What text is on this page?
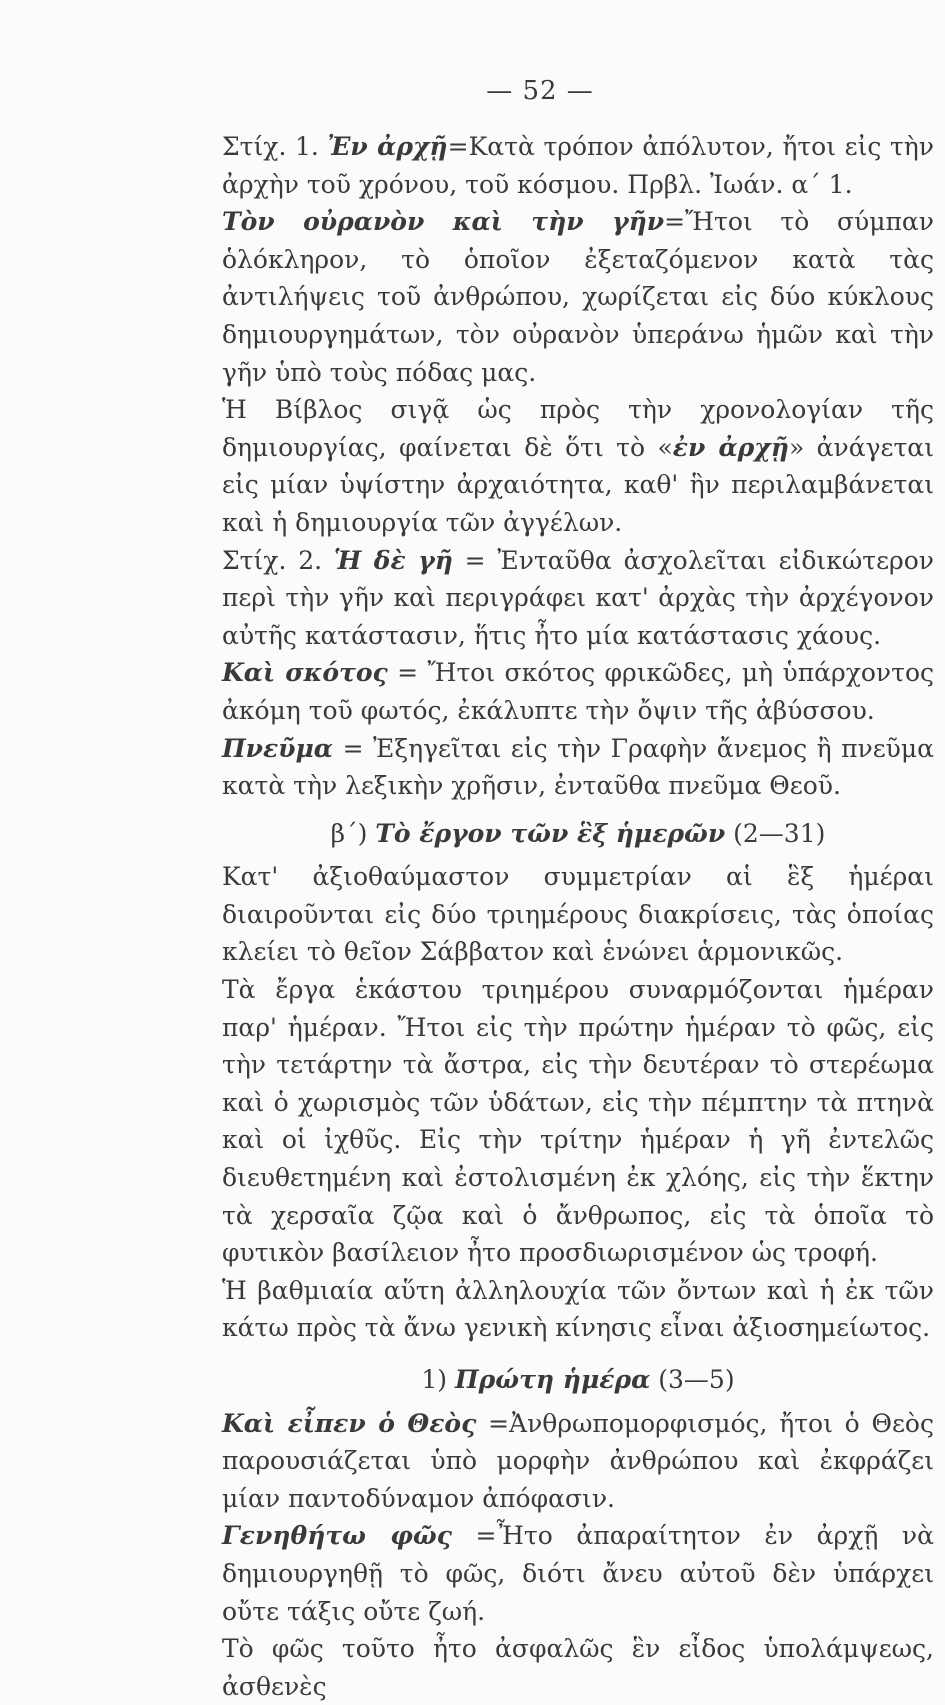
— 52 —

Στίχ. 1. Ἐν ἀρχῇ=Κατὰ τρόπον ἀπόλυτον, ἤτοι εἰς τὴν ἀρχὴν τοῦ χρόνου, τοῦ κόσμου. Πρβλ. Ἰωάν. α΄ 1.

Τὸν οὐρανὸν καὶ τὴν γῆν=Ἤτοι τὸ σύμπαν ὁλόκληρον, τὸ ὁποῖον ἐξεταζόμενον κατὰ τὰς ἀντιλήψεις τοῦ ἀνθρώπου, χωρίζεται εἰς δύο κύκλους δημιουργημάτων, τὸν οὐρανὸν ὑπεράνω ἡμῶν καὶ τὴν γῆν ὑπὸ τοὺς πόδας μας.

Ἡ Βίβλος σιγᾷ ὡς πρὸς τὴν χρονολογίαν τῆς δημιουργίας, φαίνεται δὲ ὅτι τὸ «ἐν ἀρχῇ» ἀνάγεται εἰς μίαν ὑψίστην ἀρχαιότητα, καθ' ἣν περιλαμβάνεται καὶ ἡ δημιουργία τῶν ἀγγέλων.

Στίχ. 2. Ἡ δὲ γῆ = Ἐνταῦθα ἀσχολεῖται εἰδικώτερον περὶ τὴν γῆν καὶ περιγράφει κατ' ἀρχὰς τὴν ἀρχέγονον αὐτῆς κατάστασιν, ἥτις ἦτο μία κατάστασις χάους.

Καὶ σκότος = Ἤτοι σκότος φρικῶδες, μὴ ὑπάρχοντος ἀκόμη τοῦ φωτός, ἐκάλυπτε τὴν ὄψιν τῆς ἀβύσσου.

Πνεῦμα = Ἐξηγεῖται εἰς τὴν Γραφὴν ἄνεμος ἢ πνεῦμα κατὰ τὴν λεξικὴν χρῆσιν, ἐνταῦθα πνεῦμα Θεοῦ.

β΄) Τὸ ἔργον τῶν ἓξ ἡμερῶν (2—31)

Κατ' ἀξιοθαύμαστον συμμετρίαν αἱ ἓξ ἡμέραι διαιροῦνται εἰς δύο τριημέρους διακρίσεις, τὰς ὁποίας κλείει τὸ θεῖον Σάββατον καὶ ἑνώνει ἁρμονικῶς.

Τὰ ἔργα ἑκάστου τριημέρου συναρμόζονται ἡμέραν παρ' ἡμέραν. Ἤτοι εἰς τὴν πρώτην ἡμέραν τὸ φῶς, εἰς τὴν τετάρτην τὰ ἄστρα, εἰς τὴν δευτέραν τὸ στερέωμα καὶ ὁ χωρισμὸς τῶν ὑδάτων, εἰς τὴν πέμπτην τὰ πτηνὰ καὶ οἱ ἰχθῦς. Εἰς τὴν τρίτην ἡμέραν ἡ γῆ ἐντελῶς διευθετημένη καὶ ἐστολισμένη ἐκ χλόης, εἰς τὴν ἕκτην τὰ χερσαῖα ζῷα καὶ ὁ ἄνθρωπος, εἰς τὰ ὁποῖα τὸ φυτικὸν βασίλειον ἦτο προσδιωρισμένον ὡς τροφή.

Ἡ βαθμιαία αὕτη ἀλληλουχία τῶν ὄντων καὶ ἡ ἐκ τῶν κάτω πρὸς τὰ ἄνω γενικὴ κίνησις εἶναι ἀξιοσημείωτος.

1) Πρώτη ἡμέρα (3—5)

Καὶ εἶπεν ὁ Θεὸς =Ἀνθρωπομορφισμός, ἤτοι ὁ Θεὸς παρουσιάζεται ὑπὸ μορφὴν ἀνθρώπου καὶ ἐκφράζει μίαν παντοδύναμον ἀπόφασιν.

Γενηθήτω φῶς =Ἦτο ἀπαραίτητον ἐν ἀρχῇ νὰ δημιουργηθῇ τὸ φῶς, διότι ἄνευ αὐτοῦ δὲν ὑπάρχει οὔτε τάξις οὔτε ζωή.

Τὸ φῶς τοῦτο ἦτο ἀσφαλῶς ἓν εἶδος ὑπολάμψεως, ἀσθενὲς
